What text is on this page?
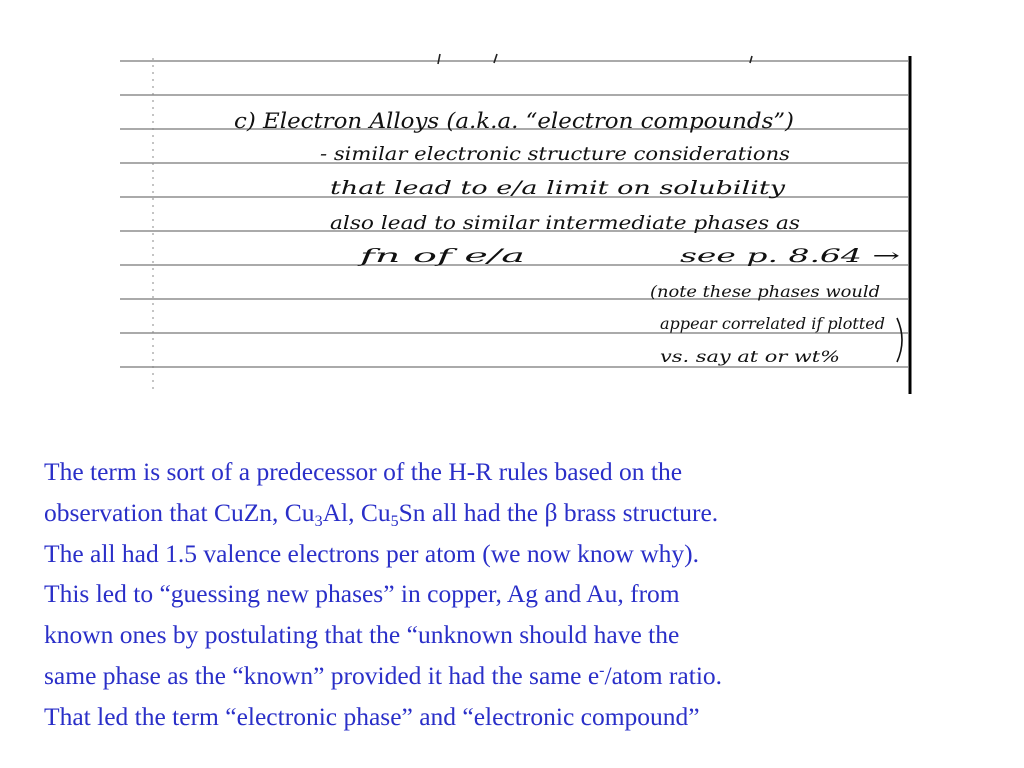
c) Electron Alloys (a.k.a. “electron compounds”)
- similar electronic structure considerations
that lead to e/a limit on solubility
also lead to similar intermediate phases as
fn of e/a	see p. 8.64 →
(note these phases would
appear correlated if plotted
vs. say at or wt%

The term is sort of a predecessor of the H-R rules based on the
observation that CuZn, $Cu_3Al$, $Cu_5Sn$ all had the β brass structure.
The all had 1.5 valence electrons per atom (we now know why).
This led to “guessing new phases” in copper, Ag and Au, from
known ones by postulating that the “unknown should have the
same phase as the “known” provided it had the same e-/atom ratio.
That led the term “electronic phase” and “electronic compound”
